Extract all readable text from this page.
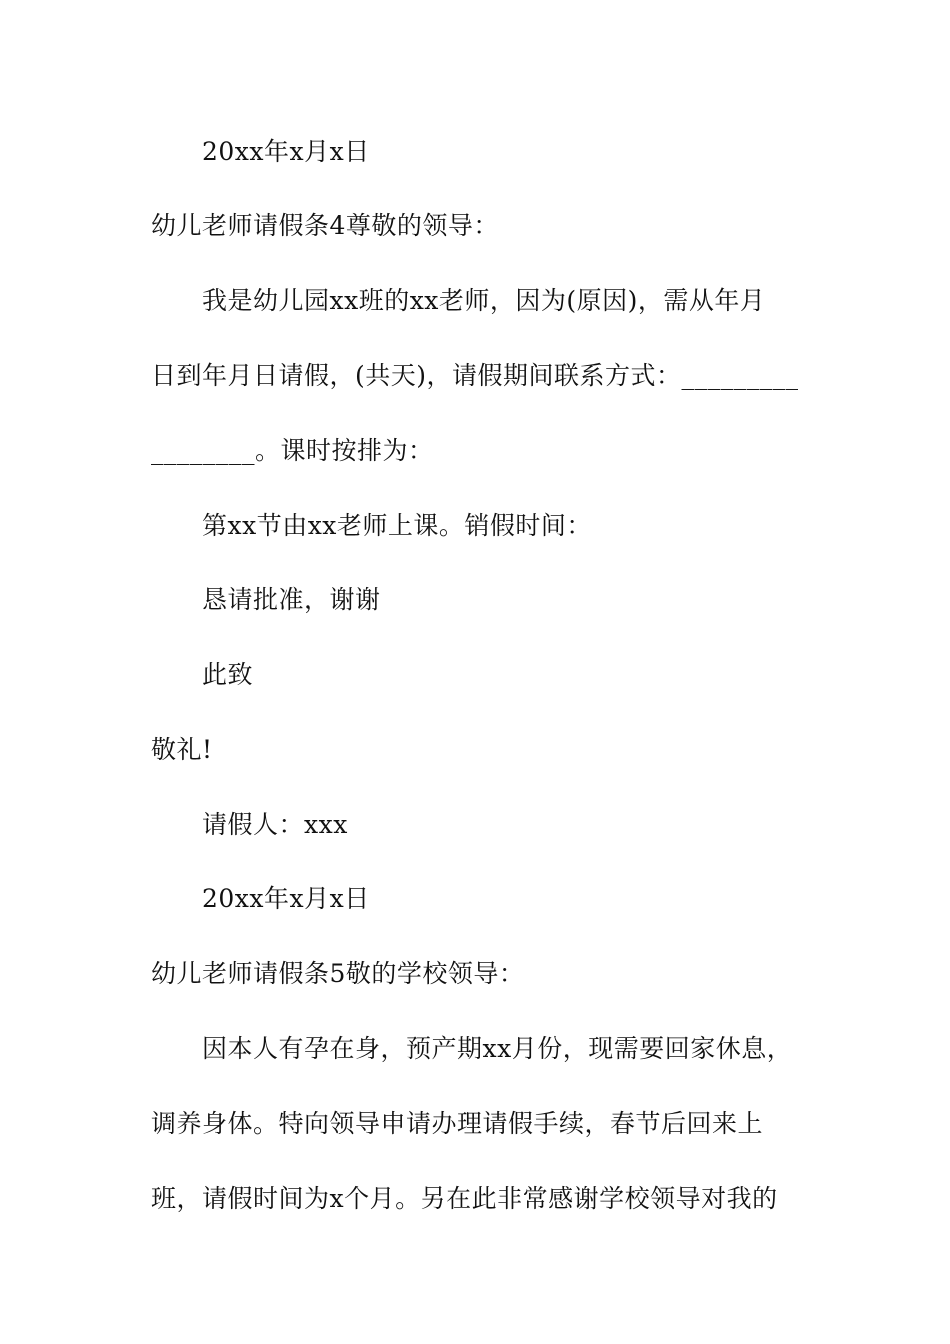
20xx年x月x日
幼儿老师请假条4尊敬的领导：
我是幼儿园xx班的xx老师，因为(原因)，需从年月
日到年月日请假，(共天)，请假期间联系方式：_________
________。课时按排为：
第xx节由xx老师上课。销假时间：
恳请批准，谢谢
此致
敬礼!
请假人：xxx
20xx年x月x日
幼儿老师请假条5敬的学校领导：
因本人有孕在身，预产期xx月份，现需要回家休息，
调养身体。特向领导申请办理请假手续，春节后回来上
班，请假时间为x个月。另在此非常感谢学校领导对我的
